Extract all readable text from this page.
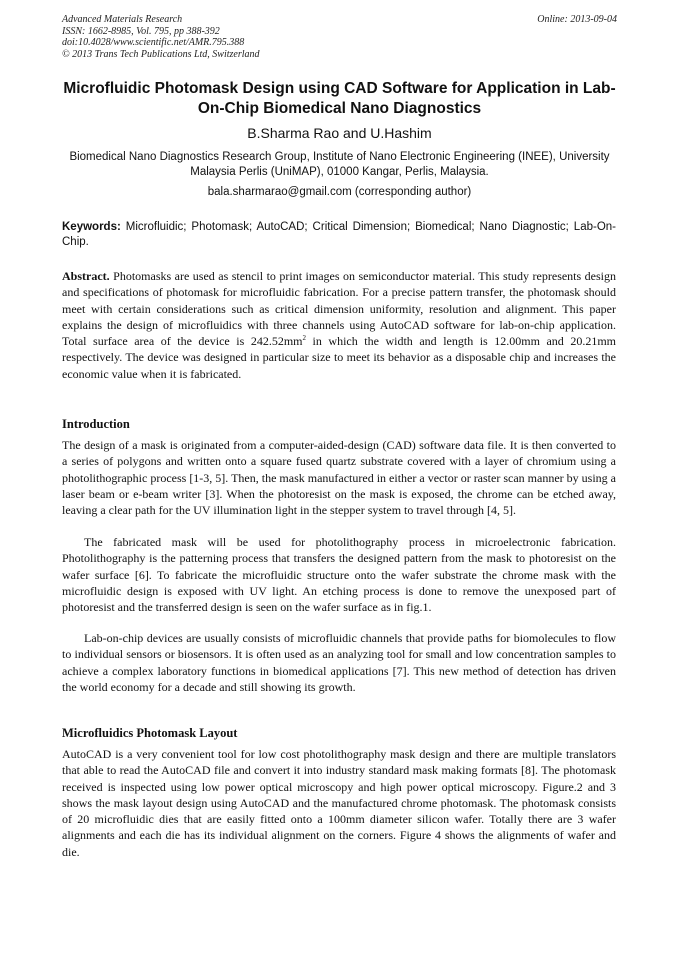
Advanced Materials Research
ISSN: 1662-8985, Vol. 795, pp 388-392
doi:10.4028/www.scientific.net/AMR.795.388
© 2013 Trans Tech Publications Ltd, Switzerland
Online: 2013-09-04
Microfluidic Photomask Design using CAD Software for Application in Lab-On-Chip Biomedical Nano Diagnostics
B.Sharma Rao and U.Hashim
Biomedical Nano Diagnostics Research Group, Institute of Nano Electronic Engineering (INEE), University Malaysia Perlis (UniMAP), 01000 Kangar, Perlis, Malaysia.
bala.sharmarao@gmail.com (corresponding author)
Keywords: Microfluidic; Photomask; AutoCAD; Critical Dimension; Biomedical; Nano Diagnostic; Lab-On-Chip.

Abstract. Photomasks are used as stencil to print images on semiconductor material. This study represents design and specifications of photomask for microfluidic fabrication. For a precise pattern transfer, the photomask should meet with certain considerations such as critical dimension uniformity, resolution and alignment. This paper explains the design of microfluidics with three channels using AutoCAD software for lab-on-chip application. Total surface area of the device is $242.52mm^2$ in which the width and length is 12.00mm and 20.21mm respectively. The device was designed in particular size to meet its behavior as a disposable chip and increases the economic value when it is fabricated.

Introduction

The design of a mask is originated from a computer-aided-design (CAD) software data file. It is then converted to a series of polygons and written onto a square fused quartz substrate covered with a layer of chromium using a photolithographic process [1-3, 5]. Then, the mask manufactured in either a vector or raster scan manner by using a laser beam or e-beam writer [3]. When the photoresist on the mask is exposed, the chrome can be etched away, leaving a clear path for the UV illumination light in the stepper system to travel through [4, 5].

The fabricated mask will be used for photolithography process in microelectronic fabrication. Photolithography is the patterning process that transfers the designed pattern from the mask to photoresist on the wafer surface [6]. To fabricate the microfluidic structure onto the wafer substrate the chrome mask with the microfluidic design is exposed with UV light. An etching process is done to remove the unexposed part of photoresist and the transferred design is seen on the wafer surface as in fig.1.

Lab-on-chip devices are usually consists of microfluidic channels that provide paths for biomolecules to flow to individual sensors or biosensors. It is often used as an analyzing tool for small and low concentration samples to achieve a complex laboratory functions in biomedical applications [7]. This new method of detection has driven the world economy for a decade and still showing its growth.

Microfluidics Photomask Layout

AutoCAD is a very convenient tool for low cost photolithography mask design and there are multiple translators that able to read the AutoCAD file and convert it into industry standard mask making formats [8]. The photomask received is inspected using low power optical microscopy and high power optical microscopy. Figure.2 and 3 shows the mask layout design using AutoCAD and the manufactured chrome photomask. The photomask consists of 20 microfluidic dies that are easily fitted onto a 100mm diameter silicon wafer. Totally there are 3 wafer alignments and each die has its individual alignment on the corners. Figure 4 shows the alignments of wafer and die.
